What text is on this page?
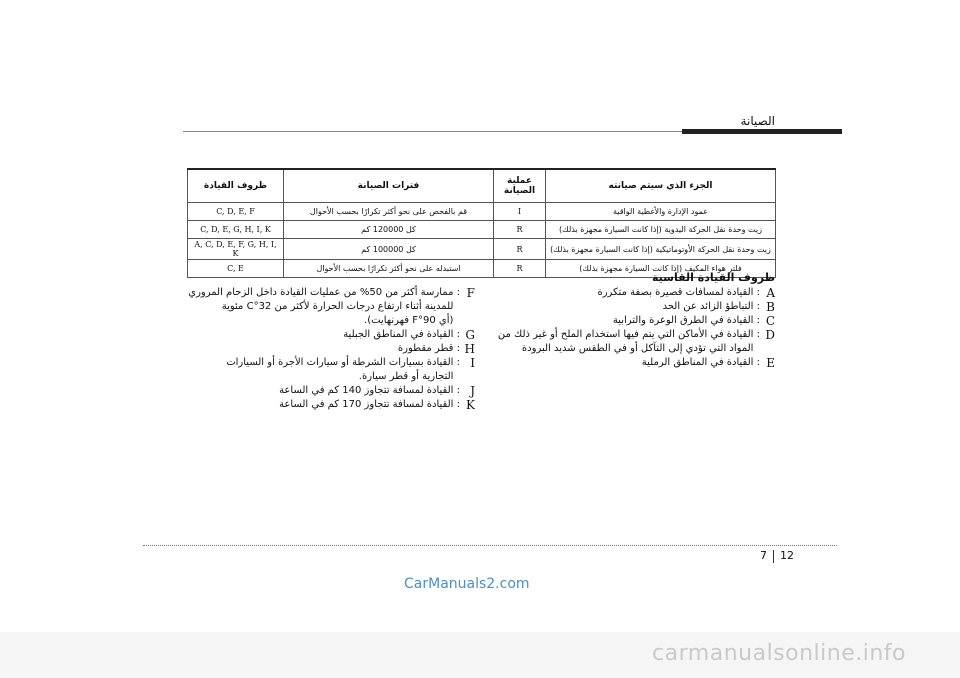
الصيانة
الجزء الذي سيتم صيانته	عملية الصيانة	فترات الصيانة	ظروف القيادة
عمود الإدارة والأغطية الواقية	I	قم بالفحص على نحو أكثر تكرارًا بحسب الأحوال	C, D, E, F
زيت وحدة نقل الحركة اليدوية (إذا كانت السيارة مجهزة بذلك)	R	كل 120000 كم	C, D, E, G, H, I, K
زيت وحدة نقل الحركة الأوتوماتيكية (إذا كانت السيارة مجهزة بذلك)	R	كل 100000 كم	A, C, D, E, F, G, H, I, K
فلتر هواء المكيف (إذا كانت السيارة مجهزة بذلك)	R	استبدله على نحو أكثر تكرارًا بحسب الأحوال	C, E
ظروف القيادة القاسية
A
:
القيادة لمسافات قصيرة بصفة متكررة
B
:
التباطؤ الزائد عن الحد
C
:
القيادة في الطرق الوعرة والترابية
D
:
القيادة في الأماكن التي يتم فيها استخدام الملح أو غير ذلك من
المواد التي تؤدي إلى التآكل أو في الطقس شديد البرودة
E
:
القيادة في المناطق الرملية
F
:
ممارسة أكثر من 50% من عمليات القيادة داخل الزحام المروري
للمدينة أثناء ارتفاع درجات الحرارة لأكثر من 32°C مئوية
(أي 90°F فهرنهايت).
G
:
القيادة في المناطق الجبلية
H
:
قطر مقطورة
I
:
القيادة بسيارات الشرطة أو سيارات الأجرة أو السيارات
التجارية أو قطر سيارة.
J
:
القيادة لمسافة تتجاوز 140 كم في الساعة
K
:
القيادة لمسافة تتجاوز 170 كم في الساعة
7 12
CarManuals2.com
carmanualsonline.info
